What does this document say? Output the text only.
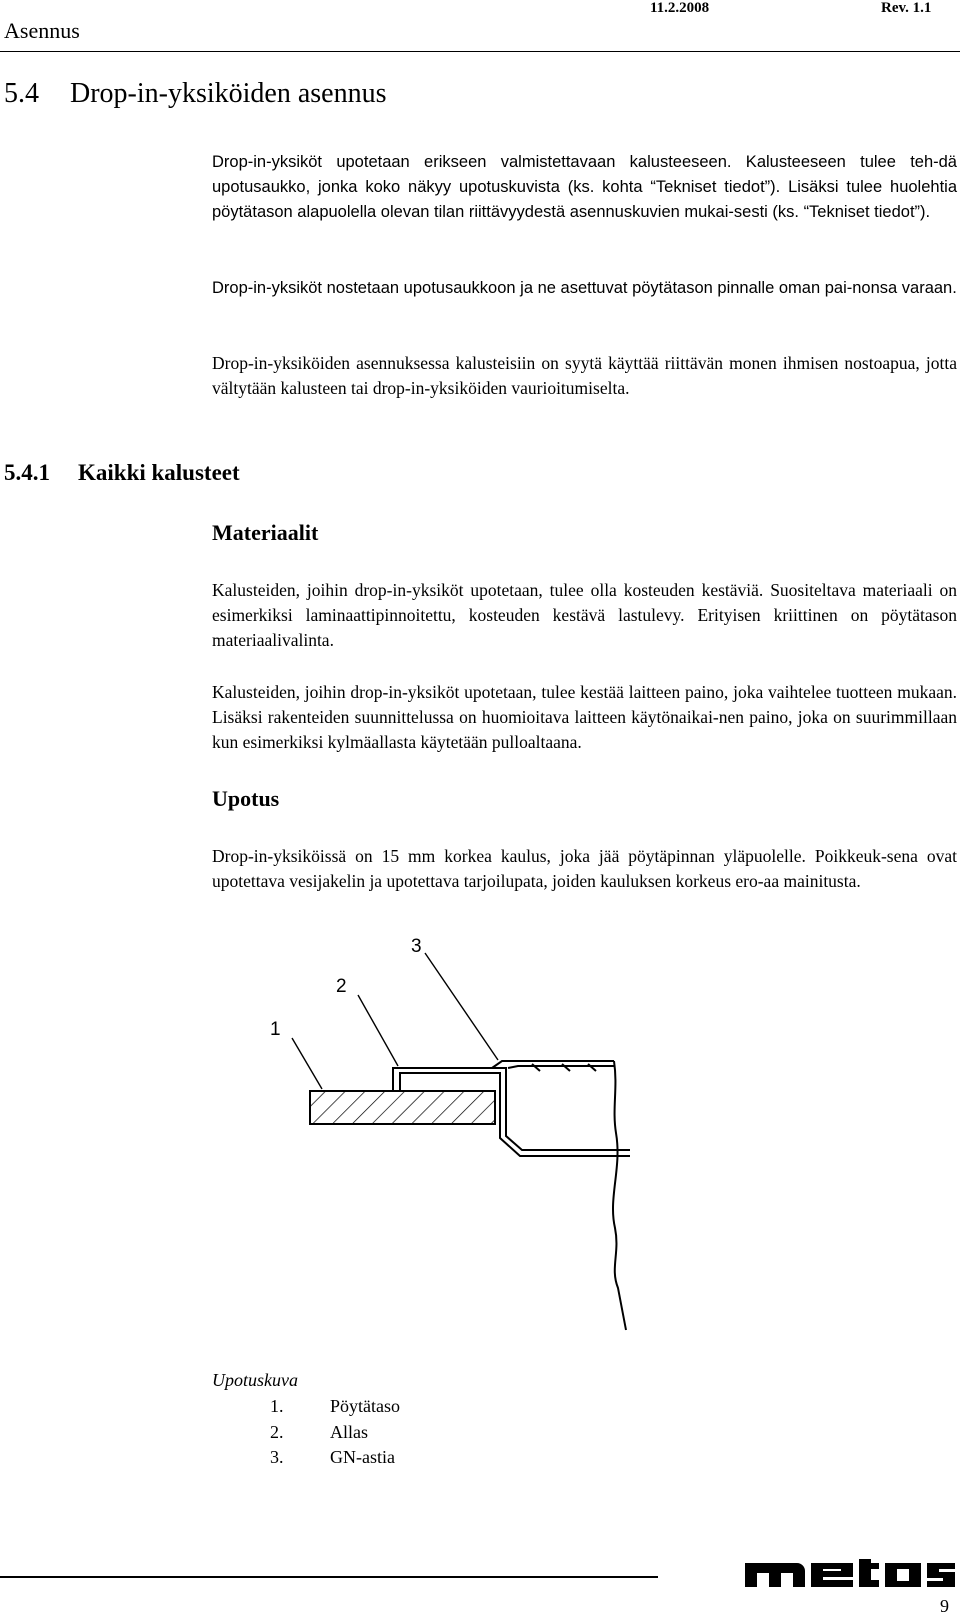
Asennus
11.2.2008	Rev. 1.1
5.4 Drop-in-yksiköiden asennus
Drop-in-yksiköt upotetaan erikseen valmistettavaan kalusteeseen. Kalusteeseen tulee teh-dä upotusaukko, jonka koko näkyy upotuskuvista (ks. kohta “Tekniset tiedot”). Lisäksi tulee huolehtia pöytätason alapuolella olevan tilan riittävyydestä asennuskuvien mukai-sesti (ks. “Tekniset tiedot”).
Drop-in-yksiköt nostetaan upotusaukkoon ja ne asettuvat pöytätason pinnalle oman pai-nonsa varaan.
Drop-in-yksiköiden asennuksessa kalusteisiin on syytä käyttää riittävän monen ihmisen nostoapua, jotta vältytään kalusteen tai drop-in-yksiköiden vaurioitumiselta.
5.4.1 Kaikki kalusteet
Materiaalit
Kalusteiden, joihin drop-in-yksiköt upotetaan, tulee olla kosteuden kestäviä. Suositeltava materiaali on esimerkiksi laminaattipinnoitettu, kosteuden kestävä lastulevy. Erityisen kriittinen on pöytätason materiaalivalinta.
Kalusteiden, joihin drop-in-yksiköt upotetaan, tulee kestää laitteen paino, joka vaihtelee tuotteen mukaan. Lisäksi rakenteiden suunnittelussa on huomioitava laitteen käytönaikai-nen paino, joka on suurimmillaan kun esimerkiksi kylmäallasta käytetään pulloaltaana.
Upotus
Drop-in-yksiköissä on 15 mm korkea kaulus, joka jää pöytäpinnan yläpuolelle. Poikkeuk-sena ovat upotettava vesijakelin ja upotettava tarjoilupata, joiden kauluksen korkeus ero-aa mainitusta.
1
2
3
Upotuskuva
1.	Pöytätaso
2.	Allas
3.	GN-astia
9
